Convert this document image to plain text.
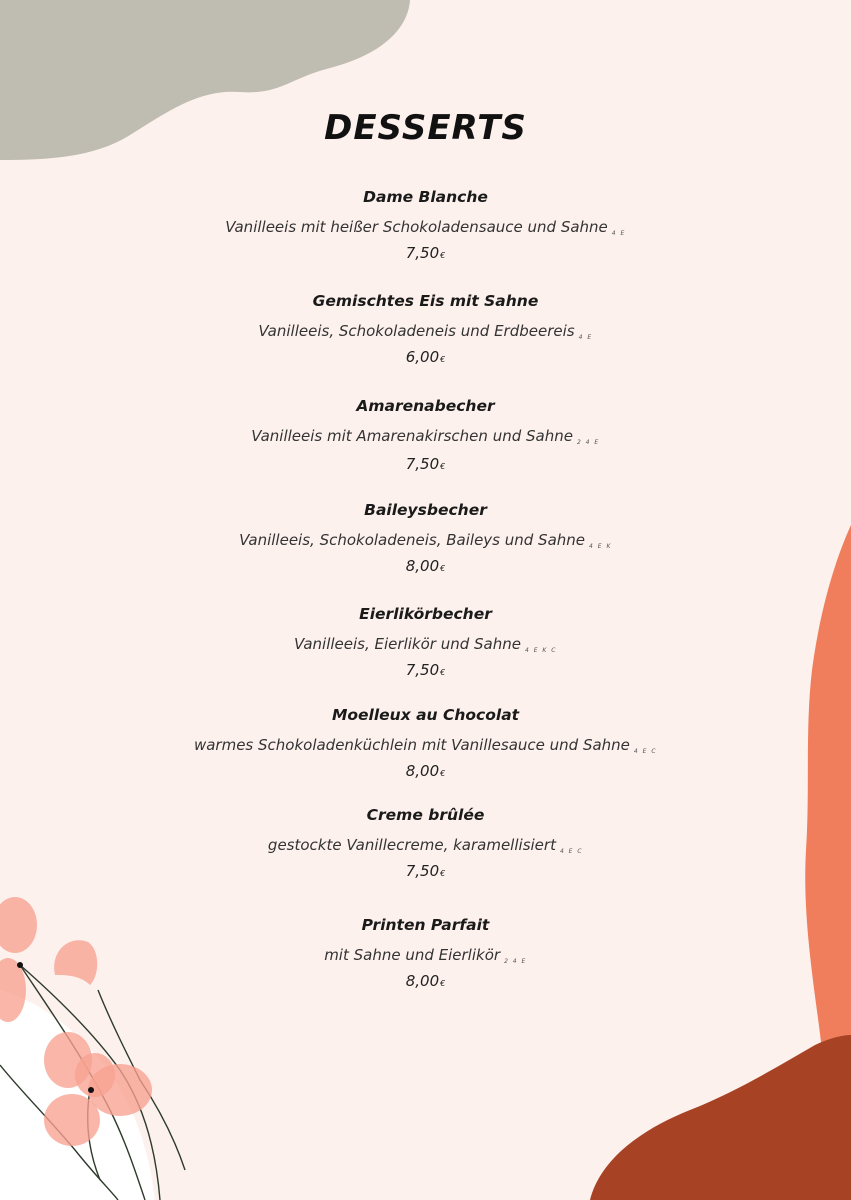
DESSERTS
Dame Blanche
Vanilleeis mit heißer Schokoladensauce und Sahne $_{4 E}$
7,50€
Gemischtes Eis mit Sahne
Vanilleeis, Schokoladeneis und Erdbeereis $_{4 E}$
6,00€
Amarenabecher
Vanilleeis mit Amarenakirschen und Sahne $_{2 4 E}$
7,50€
Baileysbecher
Vanilleeis, Schokoladeneis, Baileys und Sahne $_{4 E K}$
8,00€
Eierlikörbecher
Vanilleeis, Eierlikör und Sahne $_{4 E K C}$
7,50€
Moelleux au Chocolat
warmes Schokoladenküchlein mit Vanillesauce und Sahne $_{4 E C}$
8,00€
Creme brûlée
gestockte Vanillecreme, karamellisiert $_{4 E C}$
7,50€
Printen Parfait
mit Sahne und Eierlikör $_{2 4 E}$
8,00€
